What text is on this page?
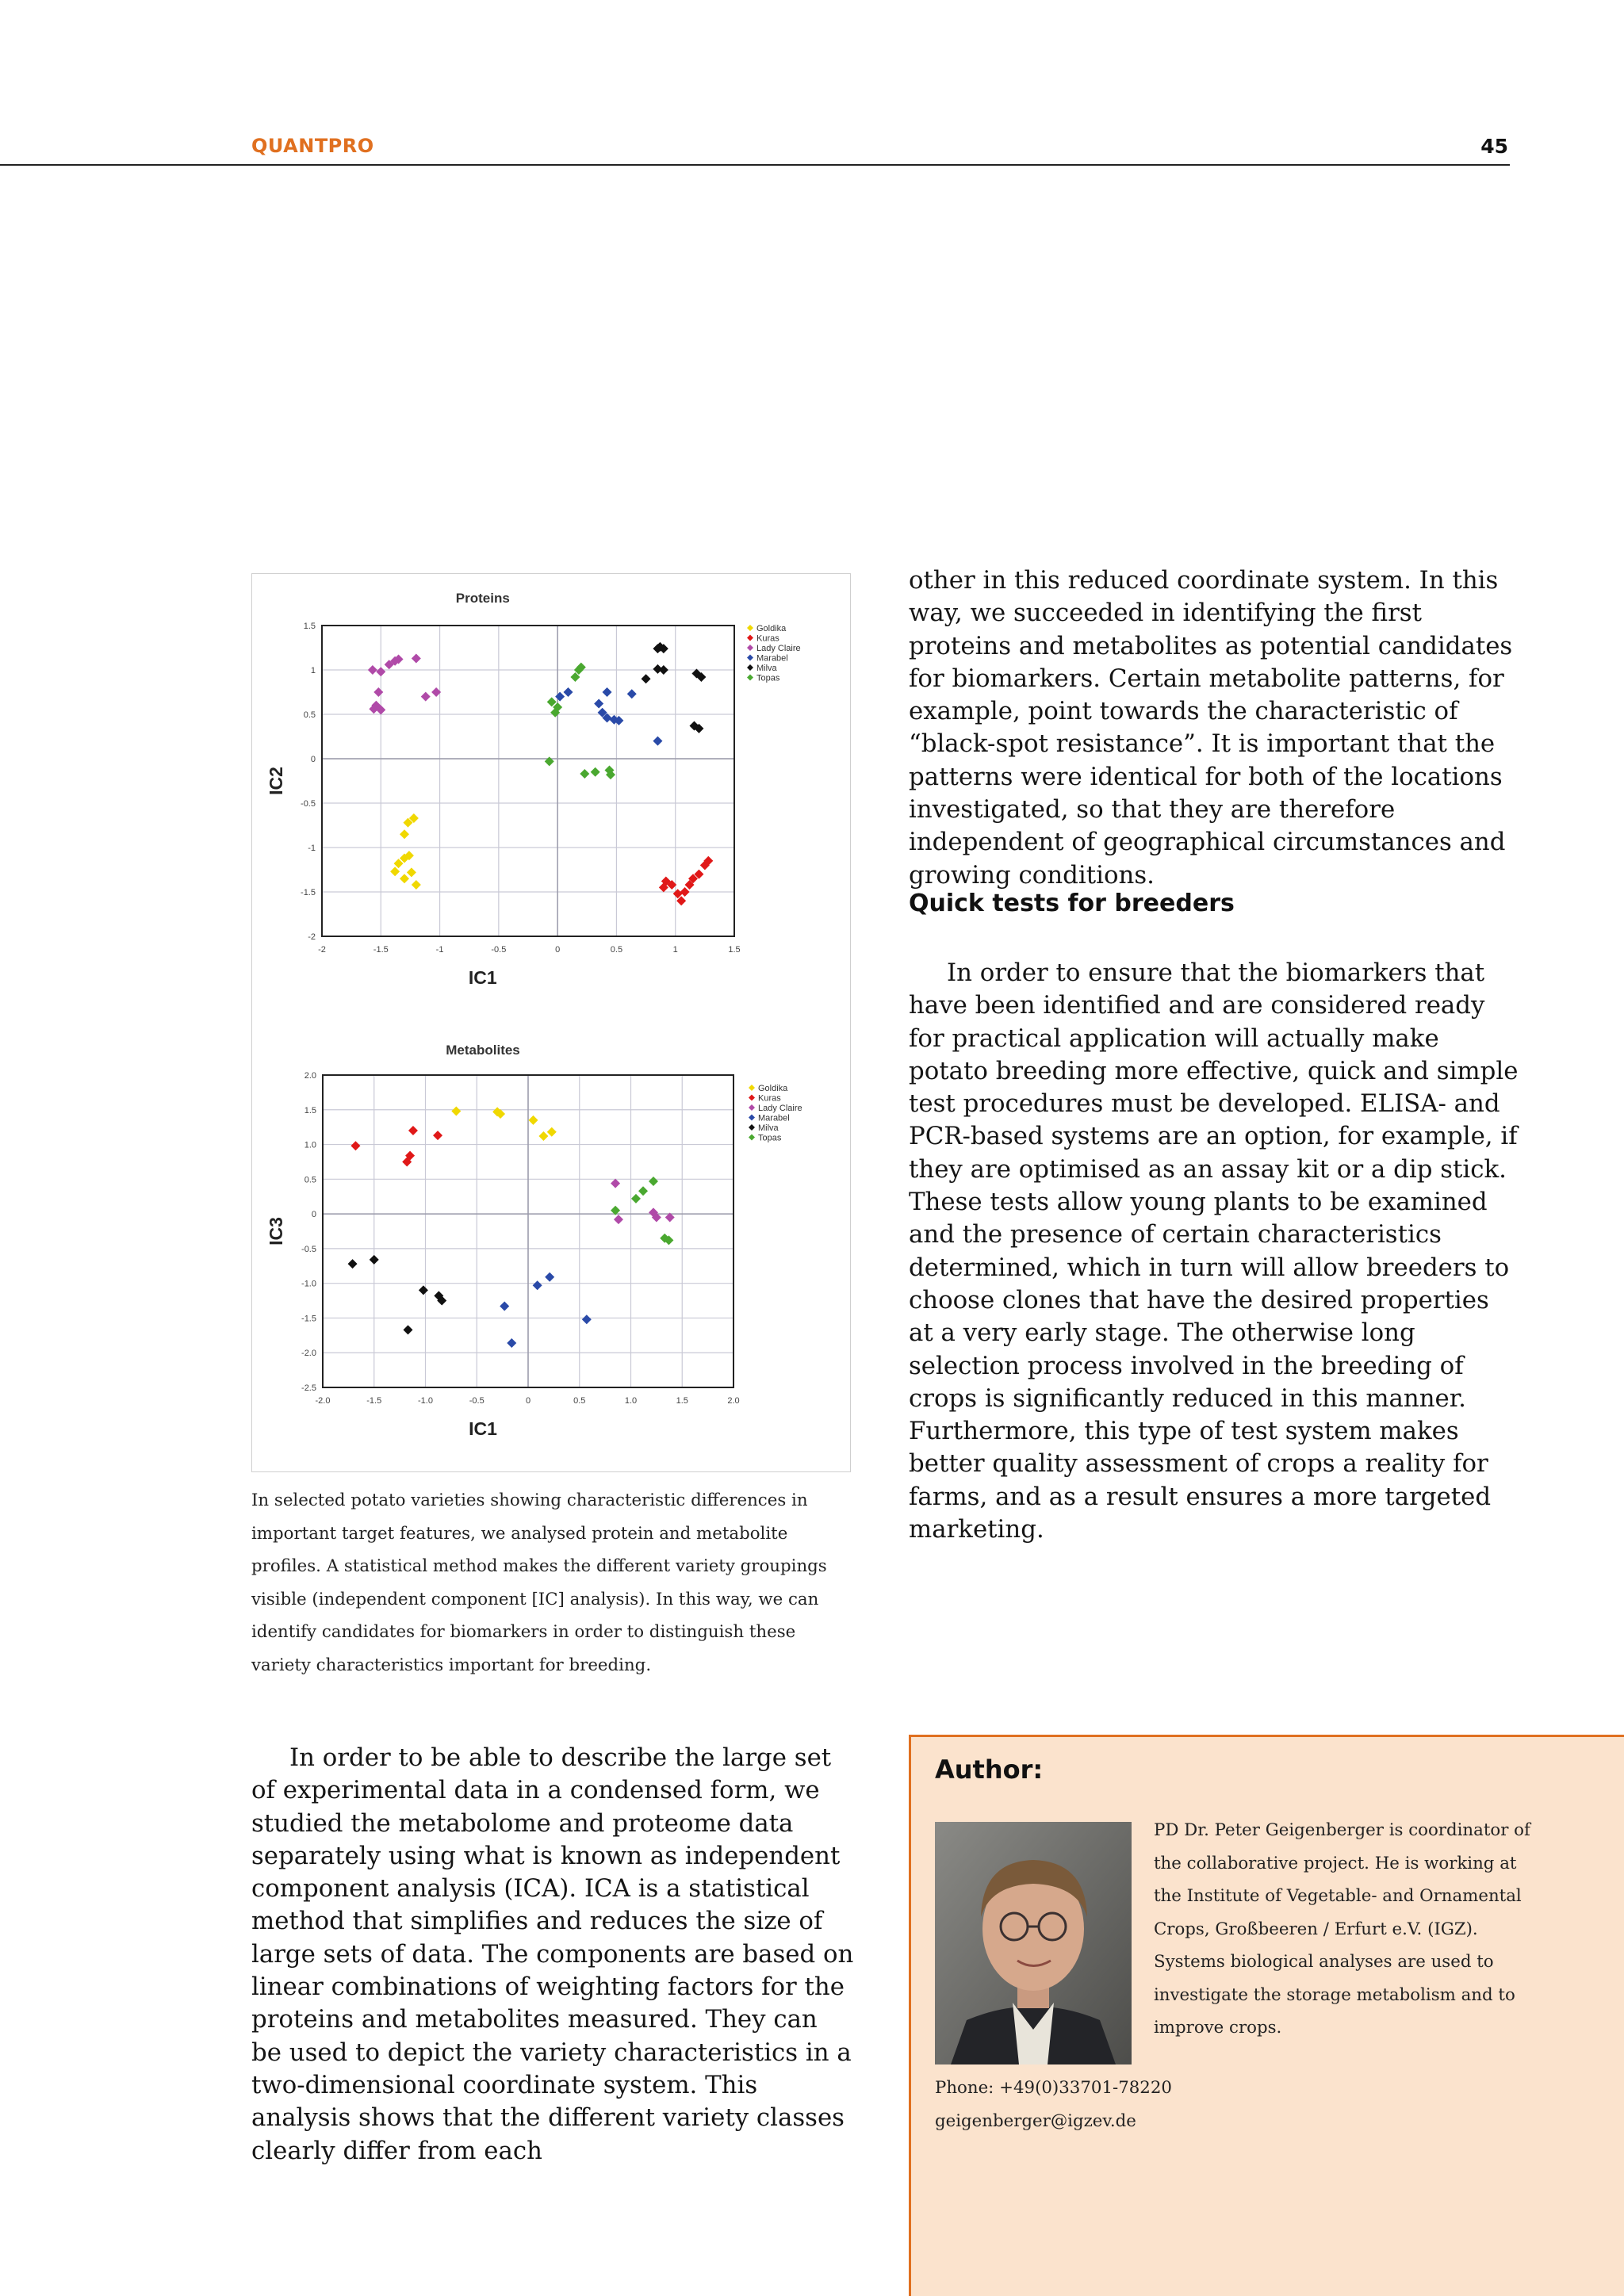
QUANTPRO	45
-2	-1.5	-1	-0.5	0	0.5	1	1.5
-2
-1.5
-1
-0.5
0
0.5
1
1.5
Proteins
IC1
IC2
Goldika
Kuras
Lady Claire
Marabel
Milva
Topas
-2.0	-1.5	-1.0	-0.5	0	0.5	1.0	1.5	2.0
2.0
1.5
1.0
0.5
0
-0.5
-1.0
-1.5
-2.0
-2.5
Metabolites
IC1
IC3
Goldika
Kuras
Lady Claire
Marabel
Milva
Topas

In selected potato varieties showing characteristic differences in important target features, we analysed protein and metabolite profiles. A statistical method makes the different variety groupings visible (independent component [IC] analysis). In this way, we can identify candidates for biomarkers in order to distinguish these variety characteristics important for breeding.

other in this reduced coordinate system. In this way, we succeeded in identifying the first proteins and metabolites as potential candidates for biomarkers. Certain metabolite patterns, for example, point towards the characteristic of “black-spot resistance”. It is important that the patterns were identical for both of the locations investigated, so that they are therefore independent of geographical circumstances and growing conditions.

Quick tests for breeders

In order to ensure that the biomarkers that have been identified and are considered ready for practical application will actually make potato breeding more effective, quick and simple test procedures must be developed. ELISA- and PCR-based systems are an option, for example, if they are optimised as an assay kit or a dip stick. These tests allow young plants to be examined and the presence of certain characteristics determined, which in turn will allow breeders to choose clones that have the desired properties at a very early stage. The otherwise long selection process involved in the breeding of crops is significantly reduced in this manner. Furthermore, this type of test system makes better quality assessment of crops a reality for farms, and as a result ensures a more targeted marketing.

In order to be able to describe the large set of experimental data in a condensed form, we studied the metabolome and proteome data separately using what is known as independent component analysis (ICA). ICA is a statistical method that simplifies and reduces the size of large sets of data. The components are based on linear combinations of weighting factors for the proteins and metabolites measured. They can be used to depict the variety characteristics in a two-dimensional coordinate system. This analysis shows that the different variety classes clearly differ from each

Author:
PD Dr. Peter Geigenberger is coordinator of the collaborative project. He is working at the Institute of Vegetable- and Ornamental Crops, Großbeeren / Erfurt e.V. (IGZ). Systems biological analyses are used to investigate the storage metabolism and to improve crops.
Phone: +49(0)33701-78220
geigenberger@igzev.de
